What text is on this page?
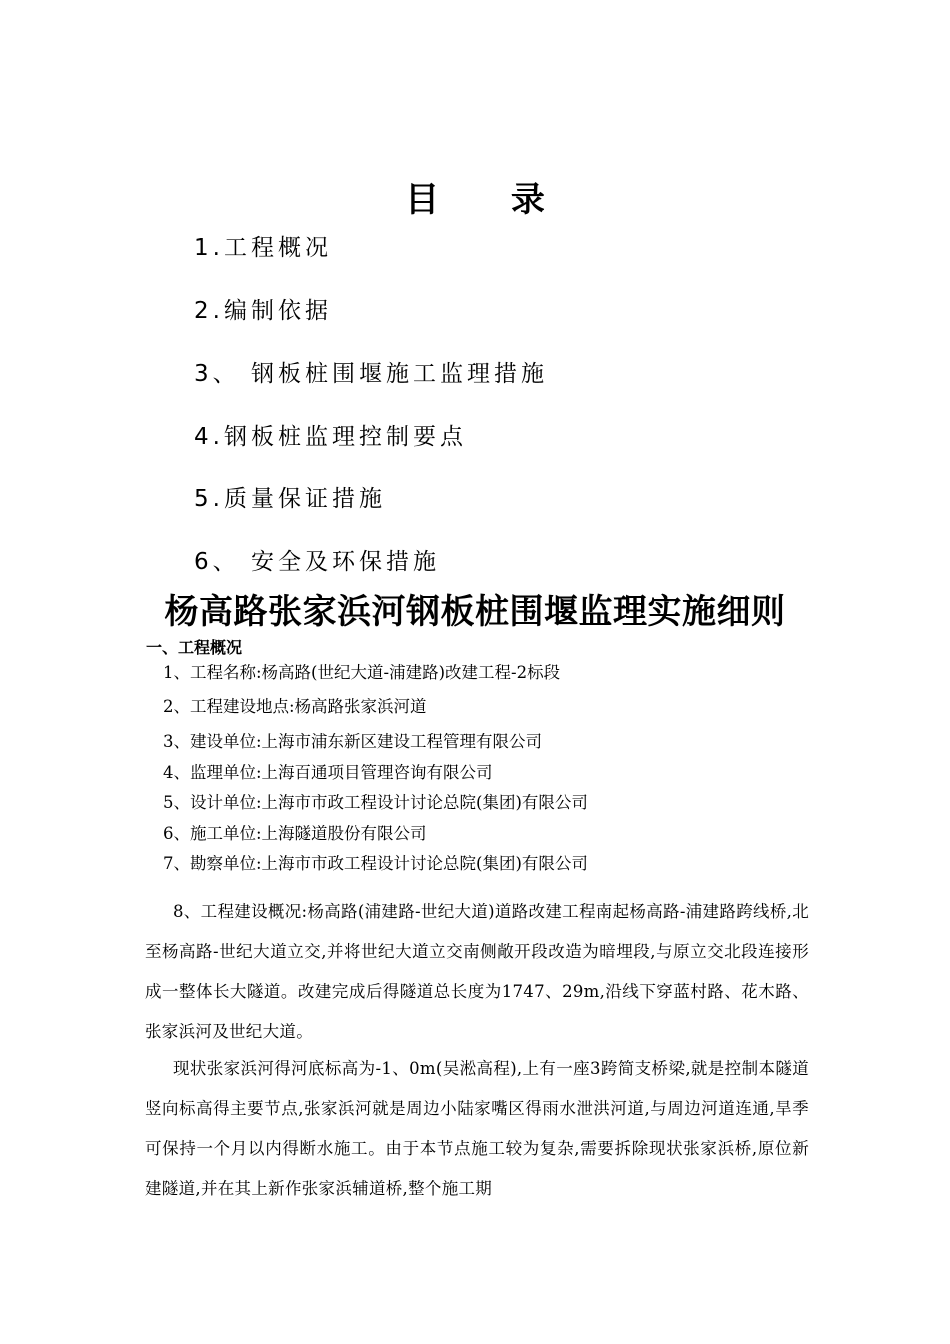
目 录
1.工程概况
2.编制依据
3、 钢板桩围堰施工监理措施
4.钢板桩监理控制要点
5.质量保证措施
6、 安全及环保措施
杨高路张家浜河钢板桩围堰监理实施细则
一、工程概况
1、工程名称:杨高路(世纪大道-浦建路)改建工程-2标段
2、工程建设地点:杨高路张家浜河道
3、建设单位:上海市浦东新区建设工程管理有限公司
4、监理单位:上海百通项目管理咨询有限公司
5、设计单位:上海市市政工程设计讨论总院(集团)有限公司
6、施工单位:上海隧道股份有限公司
7、勘察单位:上海市市政工程设计讨论总院(集团)有限公司

8、工程建设概况:杨高路(浦建路-世纪大道)道路改建工程南起杨高路-浦建路跨线桥,北至杨高路-世纪大道立交,并将世纪大道立交南侧敞开段改造为暗埋段,与原立交北段连接形成一整体长大隧道。改建完成后得隧道总长度为1747、29m,沿线下穿蓝村路、花木路、张家浜河及世纪大道。

现状张家浜河得河底标高为-1、0m(吴淞高程),上有一座3跨简支桥梁,就是控制本隧道竖向标高得主要节点,张家浜河就是周边小陆家嘴区得雨水泄洪河道,与周边河道连通,旱季可保持一个月以内得断水施工。由于本节点施工较为复杂,需要拆除现状张家浜桥,原位新建隧道,并在其上新作张家浜辅道桥,整个施工期
